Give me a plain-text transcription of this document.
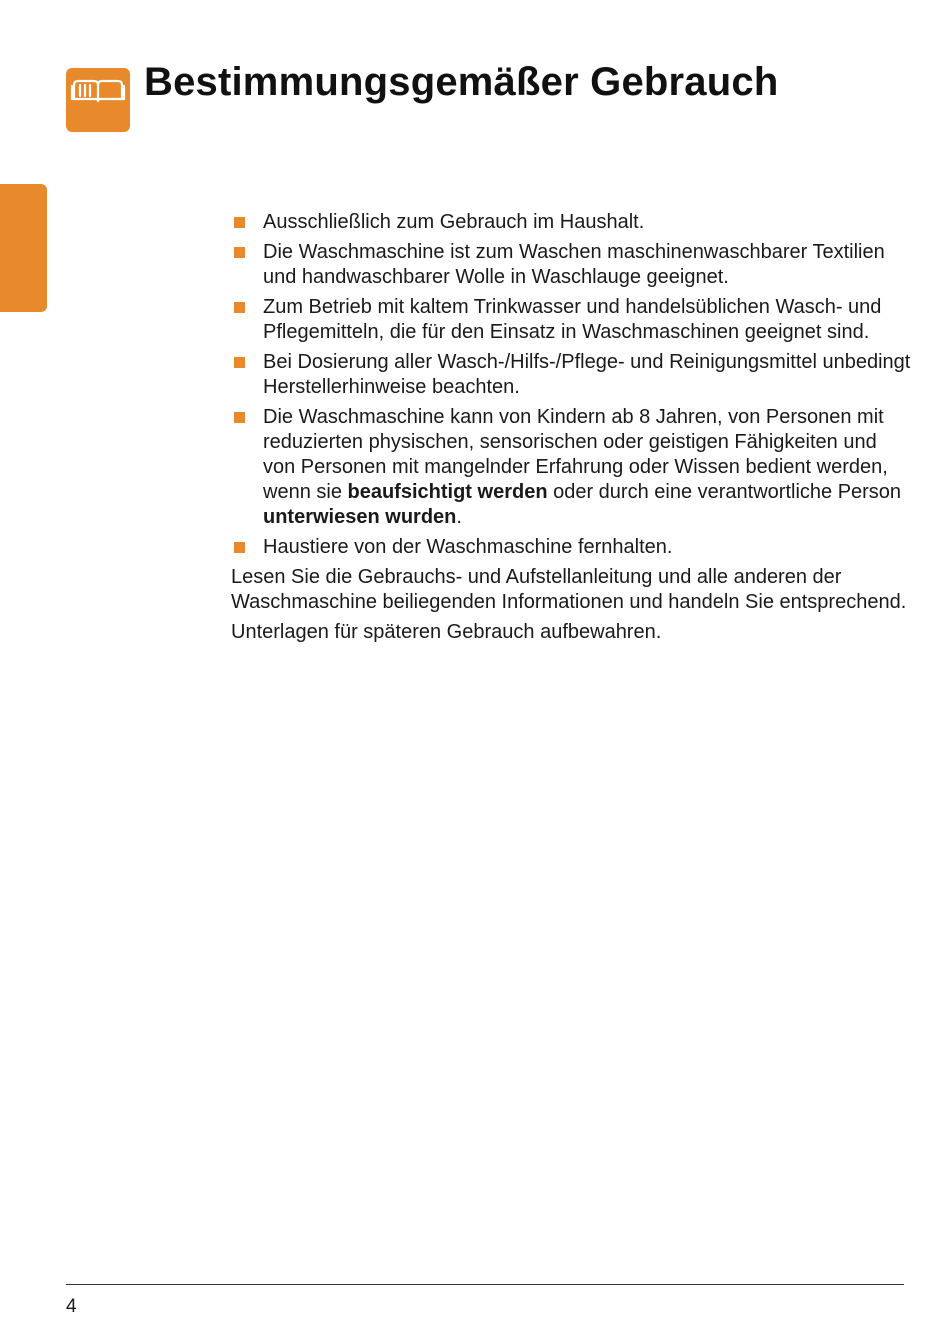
Bestimmungsgemäßer Gebrauch
Ausschließlich zum Gebrauch im Haushalt.
Die Waschmaschine ist zum Waschen maschinenwaschbarer Textilien und handwaschbarer Wolle in Waschlauge geeignet.
Zum Betrieb mit kaltem Trinkwasser und handelsüblichen Wasch- und Pflegemitteln, die für den Einsatz in Waschmaschinen geeignet sind.
Bei Dosierung aller Wasch-/Hilfs-/Pflege- und Reinigungsmittel unbedingt Herstellerhinweise beachten.
Die Waschmaschine kann von Kindern ab 8 Jahren, von Personen mit reduzierten physischen, sensorischen oder geistigen Fähigkeiten und von Personen mit mangelnder Erfahrung oder Wissen bedient werden, wenn sie beaufsichtigt werden oder durch eine verantwortliche Person unterwiesen wurden.
Haustiere von der Waschmaschine fernhalten.

Lesen Sie die Gebrauchs- und Aufstellanleitung und alle anderen der Waschmaschine beiliegenden Informationen und handeln Sie entsprechend.

Unterlagen für späteren Gebrauch aufbewahren.

4
